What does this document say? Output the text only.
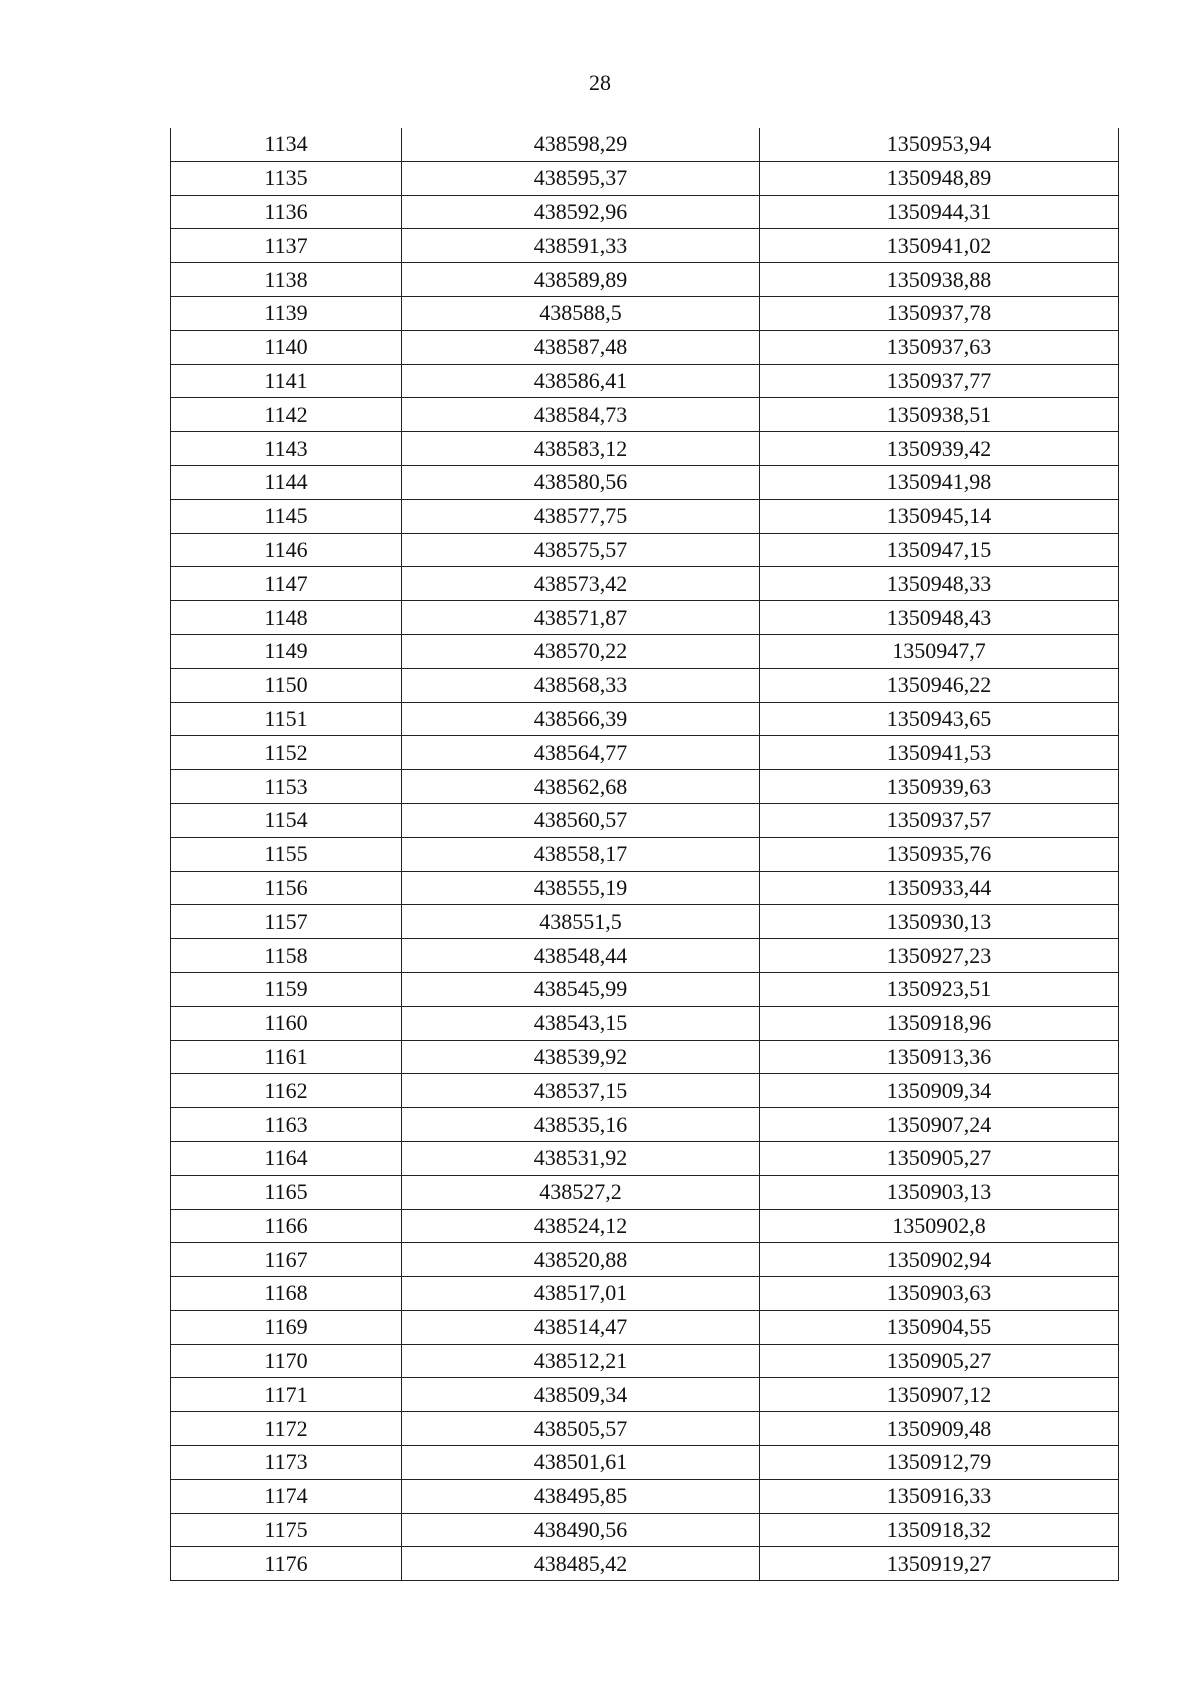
28
1134	438598,29	1350953,94
1135	438595,37	1350948,89
1136	438592,96	1350944,31
1137	438591,33	1350941,02
1138	438589,89	1350938,88
1139	438588,5	1350937,78
1140	438587,48	1350937,63
1141	438586,41	1350937,77
1142	438584,73	1350938,51
1143	438583,12	1350939,42
1144	438580,56	1350941,98
1145	438577,75	1350945,14
1146	438575,57	1350947,15
1147	438573,42	1350948,33
1148	438571,87	1350948,43
1149	438570,22	1350947,7
1150	438568,33	1350946,22
1151	438566,39	1350943,65
1152	438564,77	1350941,53
1153	438562,68	1350939,63
1154	438560,57	1350937,57
1155	438558,17	1350935,76
1156	438555,19	1350933,44
1157	438551,5	1350930,13
1158	438548,44	1350927,23
1159	438545,99	1350923,51
1160	438543,15	1350918,96
1161	438539,92	1350913,36
1162	438537,15	1350909,34
1163	438535,16	1350907,24
1164	438531,92	1350905,27
1165	438527,2	1350903,13
1166	438524,12	1350902,8
1167	438520,88	1350902,94
1168	438517,01	1350903,63
1169	438514,47	1350904,55
1170	438512,21	1350905,27
1171	438509,34	1350907,12
1172	438505,57	1350909,48
1173	438501,61	1350912,79
1174	438495,85	1350916,33
1175	438490,56	1350918,32
1176	438485,42	1350919,27
